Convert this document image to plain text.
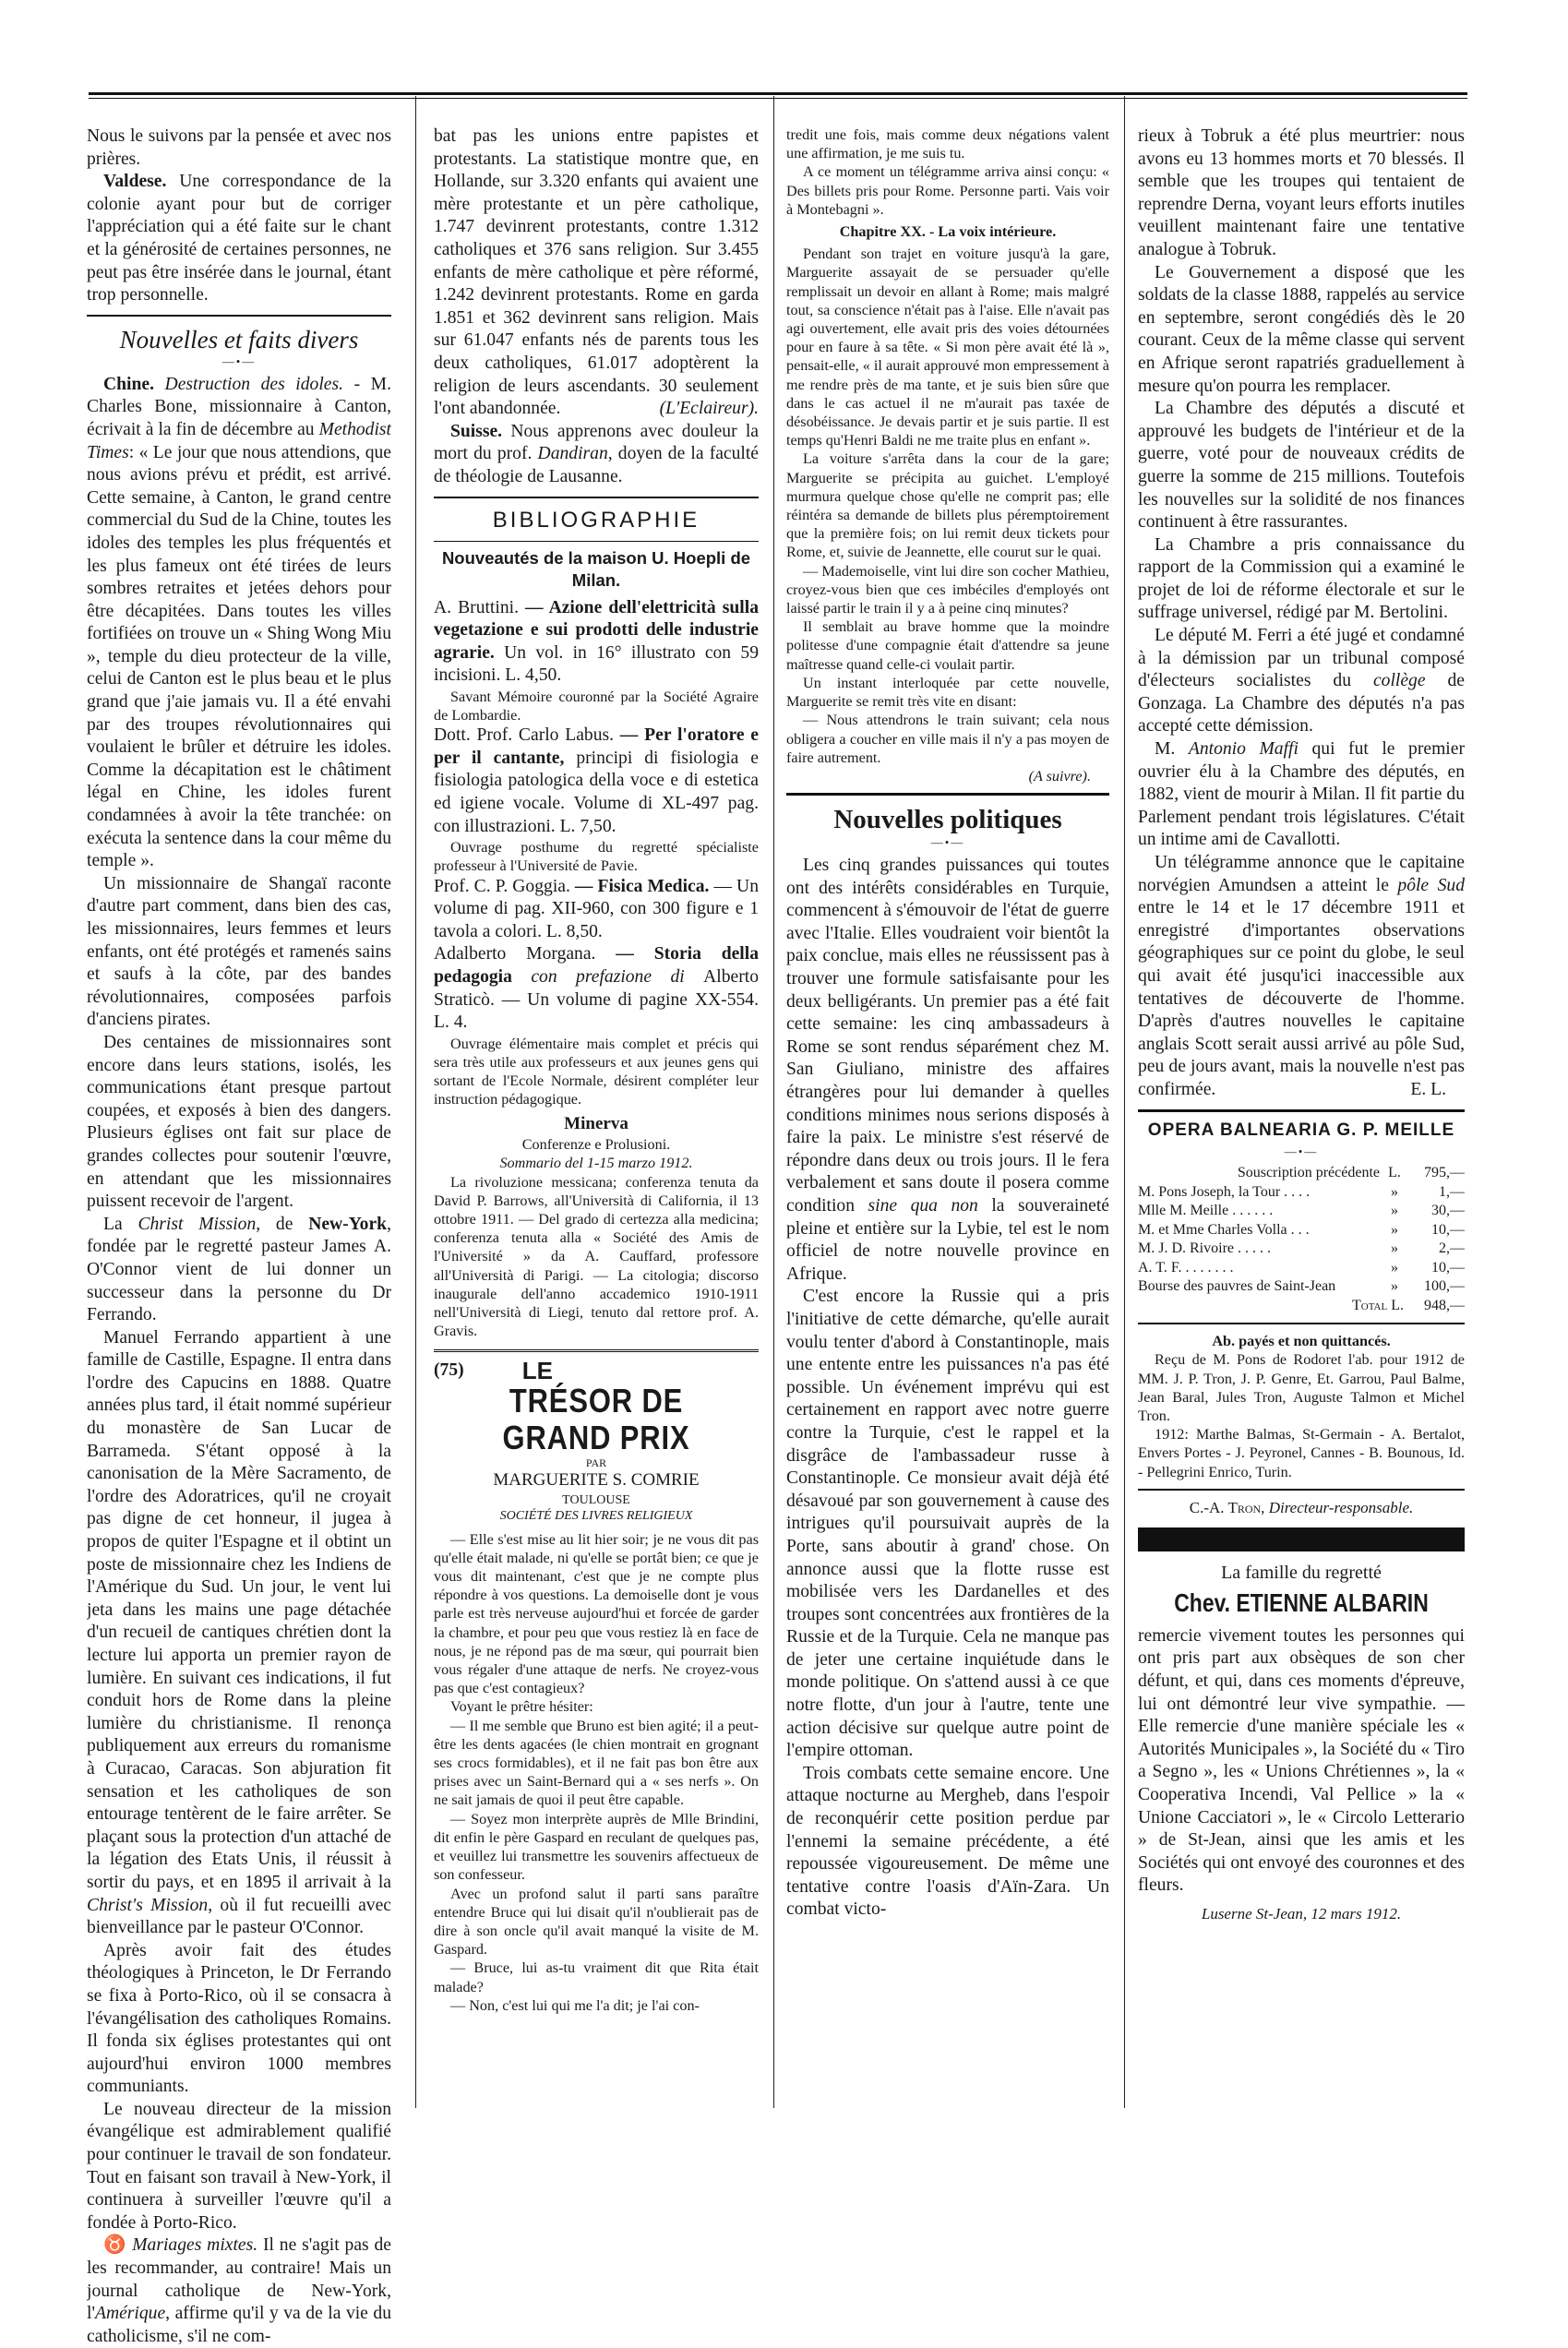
Nous le suivons par la pensée et avec nos prières.

Valdese. Une correspondance de la colonie ayant pour but de corriger l'appréciation qui a été faite sur le chant et la générosité de certaines personnes, ne peut pas être insérée dans le journal, étant trop personnelle.

Nouvelles et faits divers
—•—

Chine. Destruction des idoles. - M. Charles Bone, missionnaire à Canton, écrivait à la fin de décembre au Methodist Times: « Le jour que nous attendions, que nous avions prévu et prédit, est arrivé. Cette semaine, à Canton, le grand centre commercial du Sud de la Chine, toutes les idoles des temples les plus fréquentés et les plus fameux ont été tirées de leurs sombres retraites et jetées dehors pour être décapitées. Dans toutes les villes fortifiées on trouve un « Shing Wong Miu », temple du dieu protecteur de la ville, celui de Canton est le plus beau et le plus grand que j'aie jamais vu. Il a été envahi par des troupes révolutionnaires qui voulaient le brûler et détruire les idoles. Comme la décapitation est le châtiment légal en Chine, les idoles furent condamnées à avoir la tête tranchée: on exécuta la sentence dans la cour même du temple ».

Un missionnaire de Shangaï raconte d'autre part comment, dans bien des cas, les missionnaires, leurs femmes et leurs enfants, ont été protégés et ramenés sains et saufs à la côte, par des bandes révolutionnaires, composées parfois d'anciens pirates.

Des centaines de missionnaires sont encore dans leurs stations, isolés, les communications étant presque partout coupées, et exposés à bien des dangers. Plusieurs églises ont fait sur place de grandes collectes pour soutenir l'œuvre, en attendant que les missionnaires puissent recevoir de l'argent.

La Christ Mission, de New-York, fondée par le regretté pasteur James A. O'Connor vient de lui donner un successeur dans la personne du Dr Ferrando.

Manuel Ferrando appartient à une famille de Castille, Espagne. Il entra dans l'ordre des Capucins en 1888. Quatre années plus tard, il était nommé supérieur du monastère de San Lucar de Barrameda. S'étant opposé à la canonisation de la Mère Sacramento, de l'ordre des Adoratrices, qu'il ne croyait pas digne de cet honneur, il jugea à propos de quiter l'Espagne et il obtint un poste de missionnaire chez les Indiens de l'Amérique du Sud. Un jour, le vent lui jeta dans les mains une page détachée d'un recueil de cantiques chrétien dont la lecture lui apporta un premier rayon de lumière. En suivant ces indications, il fut conduit hors de Rome dans la pleine lumière du christianisme. Il renonça publiquement aux erreurs du romanisme à Curacao, Caracas. Son abjuration fit sensation et les catholiques de son entourage tentèrent de le faire arrêter. Se plaçant sous la protection d'un attaché de la légation des Etats Unis, il réussit à sortir du pays, et en 1895 il arrivait à la Christ's Mission, où il fut recueilli avec bienveillance par le pasteur O'Connor.

Après avoir fait des études théologiques à Princeton, le Dr Ferrando se fixa à Porto-Rico, où il se consacra à l'évangélisation des catholiques Romains. Il fonda six églises protestantes qui ont aujourd'hui environ 1000 membres communiants.

Le nouveau directeur de la mission évangélique est admirablement qualifié pour continuer le travail de son fondateur. Tout en faisant son travail à New-York, il continuera à surveiller l'œuvre qu'il a fondée à Porto-Rico.

♉ Mariages mixtes. Il ne s'agit pas de les recommander, au contraire! Mais un journal catholique de New-York, l'Amérique, affirme qu'il y va de la vie du catholicisme, s'il ne com-

bat pas les unions entre papistes et protestants. La statistique montre que, en Hollande, sur 3.320 enfants qui avaient une mère protestante et un père catholique, 1.747 devinrent protestants, contre 1.312 catholiques et 376 sans religion. Sur 3.455 enfants de mère catholique et père réformé, 1.242 devinrent protestants. Rome en garda 1.851 et 362 devinrent sans religion. Mais sur 61.047 enfants nés de parents tous les deux catholiques, 61.017 adoptèrent la religion de leurs ascendants. 30 seulement l'ont abandonnée.	(L'Eclaireur).

Suisse. Nous apprenons avec douleur la mort du prof. Dandiran, doyen de la faculté de théologie de Lausanne.

BIBLIOGRAPHIE
Nouveautés de la maison U. Hoepli de Milan.

A. Bruttini. — Azione dell'elettricità sulla vegetazione e sui prodotti delle industrie agrarie. Un vol. in 16° illustrato con 59 incisioni. L. 4,50.

Savant Mémoire couronné par la Société Agraire de Lombardie.

Dott. Prof. Carlo Labus. — Per l'oratore e per il cantante, principi di fisiologia e fisiologia patologica della voce e di estetica ed igiene vocale. Volume di XL-497 pag. con illustrazioni. L. 7,50.

Ouvrage posthume du regretté spécialiste professeur à l'Université de Pavie.

Prof. C. P. Goggia. — Fisica Medica. — Un volume di pag. XII-960, con 300 figure e 1 tavola a colori. L. 8,50.

Adalberto Morgana. — Storia della pedagogia con prefazione di Alberto Straticò. — Un volume di pagine XX-554. L. 4.

Ouvrage élémentaire mais complet et précis qui sera très utile aux professeurs et aux jeunes gens qui sortant de l'Ecole Normale, désirent compléter leur instruction pédagogique.

Minerva
Conferenze e Prolusioni.
Sommario del 1-15 marzo 1912.

La rivoluzione messicana; conferenza tenuta da David P. Barrows, all'Università di California, il 13 ottobre 1911. — Del grado di certezza alla medicina; conferenza tenuta alla « Société des Amis de l'Université » da A. Cauffard, professore all'Università di Parigi. — La citologia; discorso inaugurale dell'anno accademico 1910-1911 nell'Università di Liegi, tenuto dal rettore prof. A. Gravis.

(75) LE
TRÉSOR DE GRAND PRIX
PAR
MARGUERITE S. COMRIE
TOULOUSE
SOCIÉTÉ DES LIVRES RELIGIEUX

— Elle s'est mise au lit hier soir; je ne vous dit pas qu'elle était malade, ni qu'elle se portât bien; ce que je vous dit maintenant, c'est que je ne compte plus répondre à vos questions. La demoiselle dont je vous parle est très nerveuse aujourd'hui et forcée de garder la chambre, et pour peu que vous restiez là en face de nous, je ne répond pas de ma sœur, qui pourrait bien vous régaler d'une attaque de nerfs. Ne croyez-vous pas que c'est contagieux?

Voyant le prêtre hésiter:

— Il me semble que Bruno est bien agité; il a peut-être les dents agacées (le chien montrait en grognant ses crocs formidables), et il ne fait pas bon être aux prises avec un Saint-Bernard qui a « ses nerfs ». On ne sait jamais de quoi il peut être capable.

— Soyez mon interprète auprès de Mlle Brindini, dit enfin le père Gaspard en reculant de quelques pas, et veuillez lui transmettre les souvenirs affectueux de son confesseur.

Avec un profond salut il parti sans paraître entendre Bruce qui lui disait qu'il n'oublierait pas de dire à son oncle qu'il avait manqué la visite de M. Gaspard.

— Bruce, lui as-tu vraiment dit que Rita était malade?

— Non, c'est lui qui me l'a dit; je l'ai con-

tredit une fois, mais comme deux négations valent une affirmation, je me suis tu.

A ce moment un télégramme arriva ainsi conçu: « Des billets pris pour Rome. Personne parti. Vais voir à Montebagni ».

Chapitre XX. - La voix intérieure.

Pendant son trajet en voiture jusqu'à la gare, Marguerite assayait de se persuader qu'elle remplissait un devoir en allant à Rome; mais malgré tout, sa conscience n'était pas à l'aise. Elle n'avait pas agi ouvertement, elle avait pris des voies détournées pour en faure à sa tête. « Si mon père avait été là », pensait-elle, « il aurait approuvé mon empressement à me rendre près de ma tante, et je suis bien sûre que dans le cas actuel il ne m'aurait pas taxée de désobéissance. Je devais partir et je suis partie. Il est temps qu'Henri Baldi ne me traite plus en enfant ».

La voiture s'arrêta dans la cour de la gare; Marguerite se précipita au guichet. L'employé murmura quelque chose qu'elle ne comprit pas; elle réintéra sa demande de billets plus péremptoirement que la première fois; on lui remit deux tickets pour Rome, et, suivie de Jeannette, elle courut sur le quai.

— Mademoiselle, vint lui dire son cocher Mathieu, croyez-vous bien que ces imbéciles d'employés ont laissé partir le train il y a à peine cinq minutes?

Il semblait au brave homme que la moindre politesse d'une compagnie était d'attendre sa jeune maîtresse quand celle-ci voulait partir.

Un instant interloquée par cette nouvelle, Marguerite se remit très vite en disant:

— Nous attendrons le train suivant; cela nous obligera a coucher en ville mais il n'y a pas moyen de faire autrement.

(A suivre).
Nouvelles politiques
—•—

Les cinq grandes puissances qui toutes ont des intérêts considérables en Turquie, commencent à s'émouvoir de l'état de guerre avec l'Italie. Elles voudraient voir bientôt la paix conclue, mais elles ne réussissent pas à trouver une formule satisfaisante pour les deux belligérants. Un premier pas a été fait cette semaine: les cinq ambassadeurs à Rome se sont rendus séparément chez M. San Giuliano, ministre des affaires étrangères pour lui demander à quelles conditions minimes nous serions disposés à faire la paix. Le ministre s'est réservé de répondre dans deux ou trois jours. Il le fera verbalement et sans doute il posera comme condition sine qua non la souveraineté pleine et entière sur la Lybie, tel est le nom officiel de notre nouvelle province en Afrique.

C'est encore la Russie qui a pris l'initiative de cette démarche, qu'elle aurait voulu tenter d'abord à Constantinople, mais une entente entre les puissances n'a pas été possible. Un événement imprévu qui est certainement en rapport avec notre guerre contre la Turquie, c'est le rappel et la disgrâce de l'ambassadeur russe à Constantinople. Ce monsieur avait déjà été désavoué par son gouvernement à cause des intrigues qu'il poursuivait auprès de la Porte, sans aboutir à grand' chose. On annonce aussi que la flotte russe est mobilisée vers les Dardanelles et des troupes sont concentrées aux frontières de la Russie et de la Turquie. Cela ne manque pas de jeter une certaine inquiétude dans le monde politique. On s'attend aussi à ce que notre flotte, d'un jour à l'autre, tente une action décisive sur quelque autre point de l'empire ottoman.

Trois combats cette semaine encore. Une attaque nocturne au Mergheb, dans l'espoir de reconquérir cette position perdue par l'ennemi la semaine précédente, a été repoussée vigoureusement. De même une tentative contre l'oasis d'Aïn-Zara. Un combat victo-

rieux à Tobruk a été plus meurtrier: nous avons eu 13 hommes morts et 70 blessés. Il semble que les troupes qui tentaient de reprendre Derna, voyant leurs efforts inutiles veuillent maintenant faire une tentative analogue à Tobruk.

Le Gouvernement a disposé que les soldats de la classe 1888, rappelés au service en septembre, seront congédiés dès le 20 courant. Ceux de la même classe qui servent en Afrique seront rapatriés graduellement à mesure qu'on pourra les remplacer.

La Chambre des députés a discuté et approuvé les budgets de l'intérieur et de la guerre, voté pour de nouveaux crédits de guerre la somme de 215 millions. Toutefois les nouvelles sur la solidité de nos finances continuent à être rassurantes.

La Chambre a pris connaissance du rapport de la Commission qui a examiné le projet de loi de réforme électorale et sur le suffrage universel, rédigé par M. Bertolini.

Le député M. Ferri a été jugé et condamné à la démission par un tribunal composé d'électeurs socialistes du collège de Gonzaga. La Chambre des députés n'a pas accepté cette démission.

M. Antonio Maffi qui fut le premier ouvrier élu à la Chambre des députés, en 1882, vient de mourir à Milan. Il fit partie du Parlement pendant trois législatures. C'était un intime ami de Cavallotti.

Un télégramme annonce que le capitaine norvégien Amundsen a atteint le pôle Sud entre le 14 et le 17 décembre 1911 et enregistré d'importantes observations géographiques sur ce point du globe, le seul qui avait été jusqu'ici inaccessible aux tentatives de découverte de l'homme. D'après d'autres nouvelles le capitaine anglais Scott serait aussi arrivé au pôle Sud, peu de jours avant, mais la nouvelle n'est pas confirmée.	E. L.

OPERA BALNEARIA G. P. MEILLE
—•—
Souscription précédente L.	795,—
M. Pons Joseph, la Tour . . . .	»	1,—
Mlle M. Meille . . . . . .	»	30,—
M. et Mme Charles Volla . . .	»	10,—
M. J. D. Rivoire . . . . .	»	2,—
A. T. F. . . . . . . .	»	10,—
Bourse des pauvres de Saint-Jean	»	100,—
Total L.	948,—
Ab. payés et non quittancés.

Reçu de M. Pons de Rodoret l'ab. pour 1912 de MM. J. P. Tron, J. P. Genre, Et. Garrou, Paul Balme, Jean Baral, Jules Tron, Auguste Talmon et Michel Tron.

1912: Marthe Balmas, St-Germain - A. Bertalot, Envers Portes - J. Peyronel, Cannes - B. Bounous, Id. - Pellegrini Enrico, Turin.

C.-A. Tron, Directeur-responsable.
La famille du regretté
Chev. ETIENNE ALBARIN

remercie vivement toutes les personnes qui ont pris part aux obsèques de son cher défunt, et qui, dans ces moments d'épreuve, lui ont démontré leur vive sympathie. — Elle remercie d'une manière spéciale les « Autorités Municipales », la Société du « Tiro a Segno », les « Unions Chrétiennes », la « Cooperativa Incendi, Val Pellice » la « Unione Cacciatori », le « Circolo Letterario » de St-Jean, ainsi que les amis et les Sociétés qui ont envoyé des couronnes et des fleurs.

Luserne St-Jean, 12 mars 1912.
